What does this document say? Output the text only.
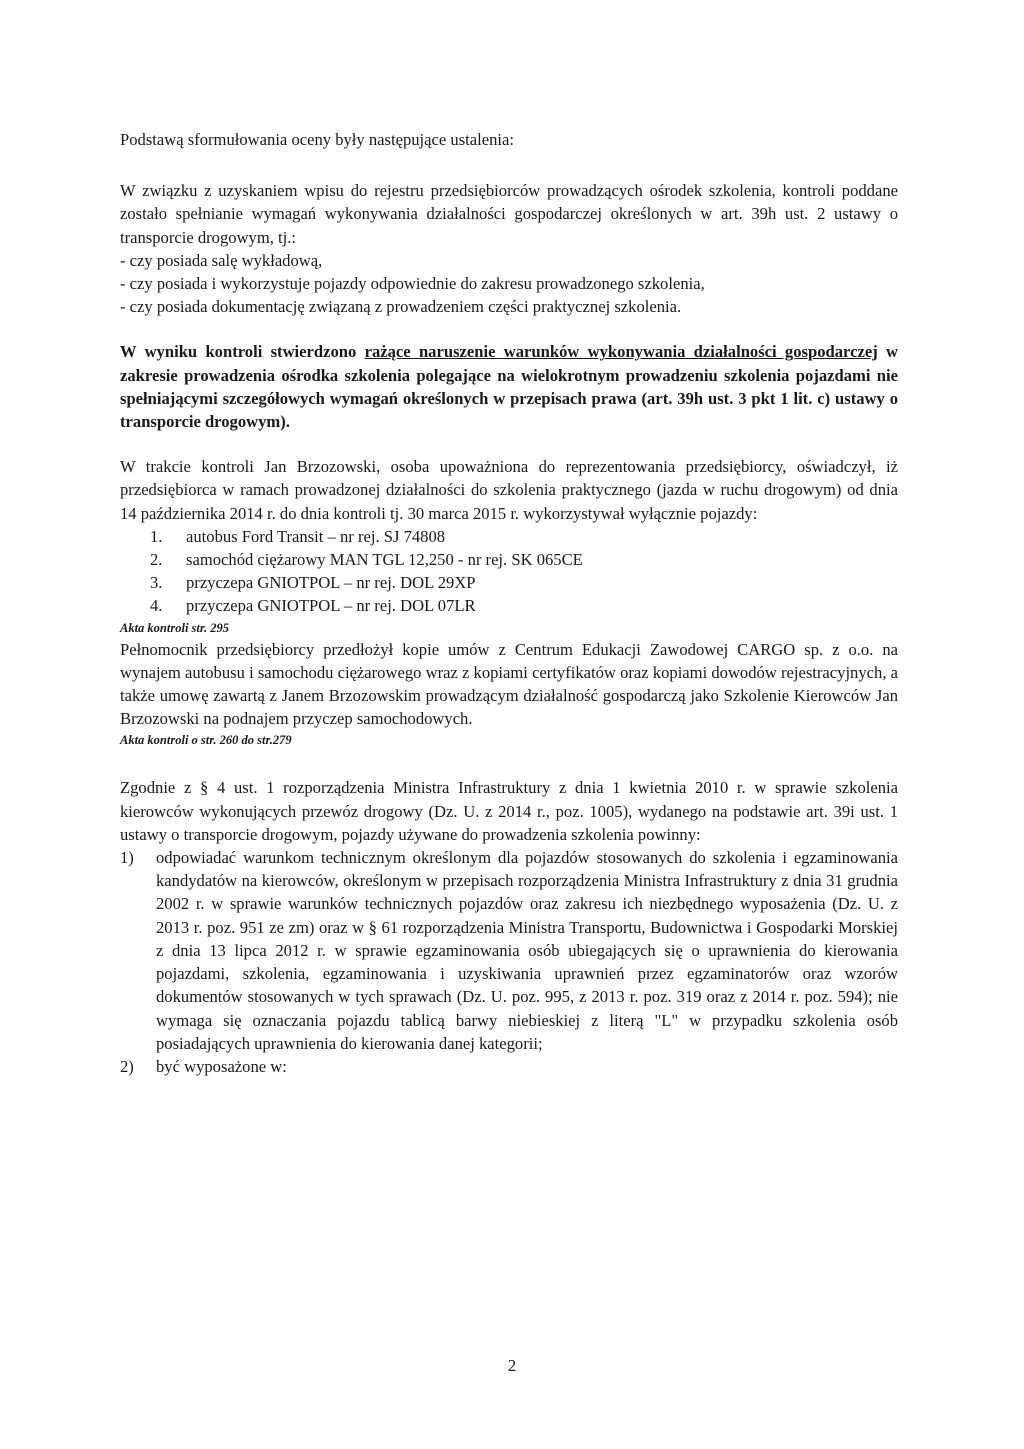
Podstawą sformułowania oceny były następujące ustalenia:

W związku z uzyskaniem wpisu do rejestru przedsiębiorców prowadzących ośrodek szkolenia, kontroli poddane zostało spełnianie wymagań wykonywania działalności gospodarczej określonych w art. 39h ust. 2 ustawy o transporcie drogowym, tj.:

- czy posiada salę wykładową,
- czy posiada i wykorzystuje pojazdy odpowiednie do zakresu prowadzonego szkolenia,
- czy posiada dokumentację związaną z prowadzeniem części praktycznej szkolenia.

W wyniku kontroli stwierdzono rażące naruszenie warunków wykonywania działalności gospodarczej w zakresie prowadzenia ośrodka szkolenia polegające na wielokrotnym prowadzeniu szkolenia pojazdami nie spełniającymi szczegółowych wymagań określonych w przepisach prawa (art. 39h ust. 3 pkt 1 lit. c) ustawy o transporcie drogowym).

W trakcie kontroli Jan Brzozowski, osoba upoważniona do reprezentowania przedsiębiorcy, oświadczył, iż przedsiębiorca w ramach prowadzonej działalności do szkolenia praktycznego (jazda w ruchu drogowym) od dnia 14 października 2014 r. do dnia kontroli tj. 30 marca 2015 r. wykorzystywał wyłącznie pojazdy:

1.	autobus Ford Transit – nr rej. SJ 74808
2.	samochód ciężarowy MAN TGL 12,250 - nr rej. SK 065CE
3.	przyczepa GNIOTPOL – nr rej. DOL 29XP
4.	przyczepa GNIOTPOL – nr rej. DOL 07LR

Akta kontroli str. 295

Pełnomocnik przedsiębiorcy przedłożył kopie umów z Centrum Edukacji Zawodowej CARGO sp. z o.o. na wynajem autobusu i samochodu ciężarowego wraz z kopiami certyfikatów oraz kopiami dowodów rejestracyjnych, a także umowę zawartą z Janem Brzozowskim prowadzącym działalność gospodarczą jako Szkolenie Kierowców Jan Brzozowski na podnajem przyczep samochodowych.

Akta kontroli o str. 260 do str.279

Zgodnie z § 4 ust. 1 rozporządzenia Ministra Infrastruktury z dnia 1 kwietnia 2010 r. w sprawie szkolenia kierowców wykonujących przewóz drogowy (Dz. U. z 2014 r., poz. 1005), wydanego na podstawie art. 39i ust. 1 ustawy o transporcie drogowym, pojazdy używane do prowadzenia szkolenia powinny:

1)	odpowiadać warunkom technicznym określonym dla pojazdów stosowanych do szkolenia i egzaminowania kandydatów na kierowców, określonym w przepisach rozporządzenia Ministra Infrastruktury z dnia 31 grudnia 2002 r. w sprawie warunków technicznych pojazdów oraz zakresu ich niezbędnego wyposażenia (Dz. U. z 2013 r. poz. 951 ze zm) oraz w § 61 rozporządzenia Ministra Transportu, Budownictwa i Gospodarki Morskiej z dnia 13 lipca 2012 r. w sprawie egzaminowania osób ubiegających się o uprawnienia do kierowania pojazdami, szkolenia, egzaminowania i uzyskiwania uprawnień przez egzaminatorów oraz wzorów dokumentów stosowanych w tych sprawach (Dz. U. poz. 995, z 2013 r. poz. 319 oraz z 2014 r. poz. 594); nie wymaga się oznaczania pojazdu tablicą barwy niebieskiej z literą "L" w przypadku szkolenia osób posiadających uprawnienia do kierowania danej kategorii;
2)	być wyposażone w:
2
